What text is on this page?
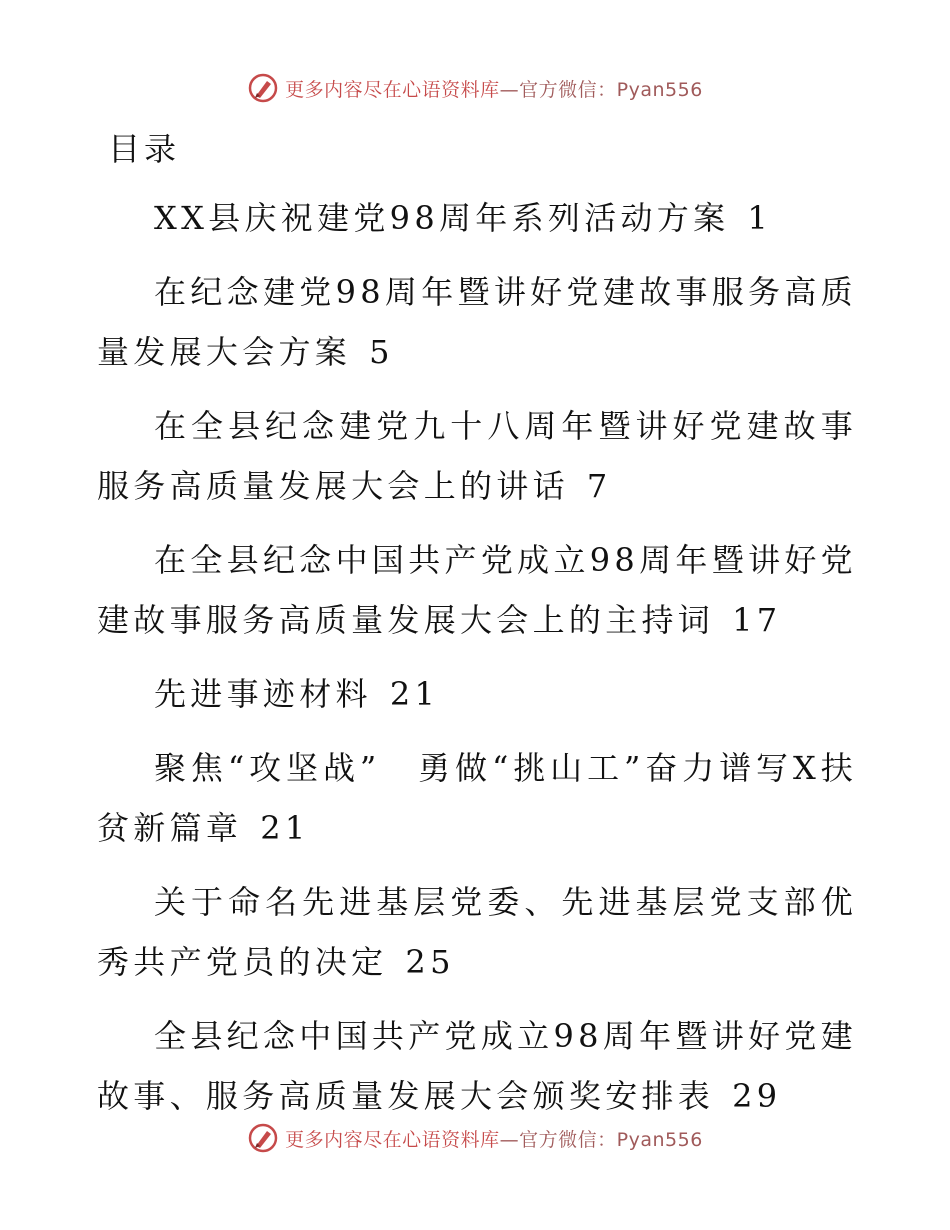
更多内容尽在心语资料库 —官方微信：Pyan556
目录
XX县庆祝建党98周年系列活动方案 1
在纪念建党98周年暨讲好党建故事服务高质量发展大会方案 5
在全县纪念建党九十八周年暨讲好党建故事服务高质量发展大会上的讲话 7
在全县纪念中国共产党成立98周年暨讲好党建故事服务高质量发展大会上的主持词 17
先进事迹材料 21
聚焦“攻坚战”　勇做“挑山工”奋力谱写X扶贫新篇章 21
关于命名先进基层党委、先进基层党支部优秀共产党员的决定 25
全县纪念中国共产党成立98周年暨讲好党建故事、服务高质量发展大会颁奖安排表 29
更多内容尽在心语资料库 —官方微信：Pyan556
